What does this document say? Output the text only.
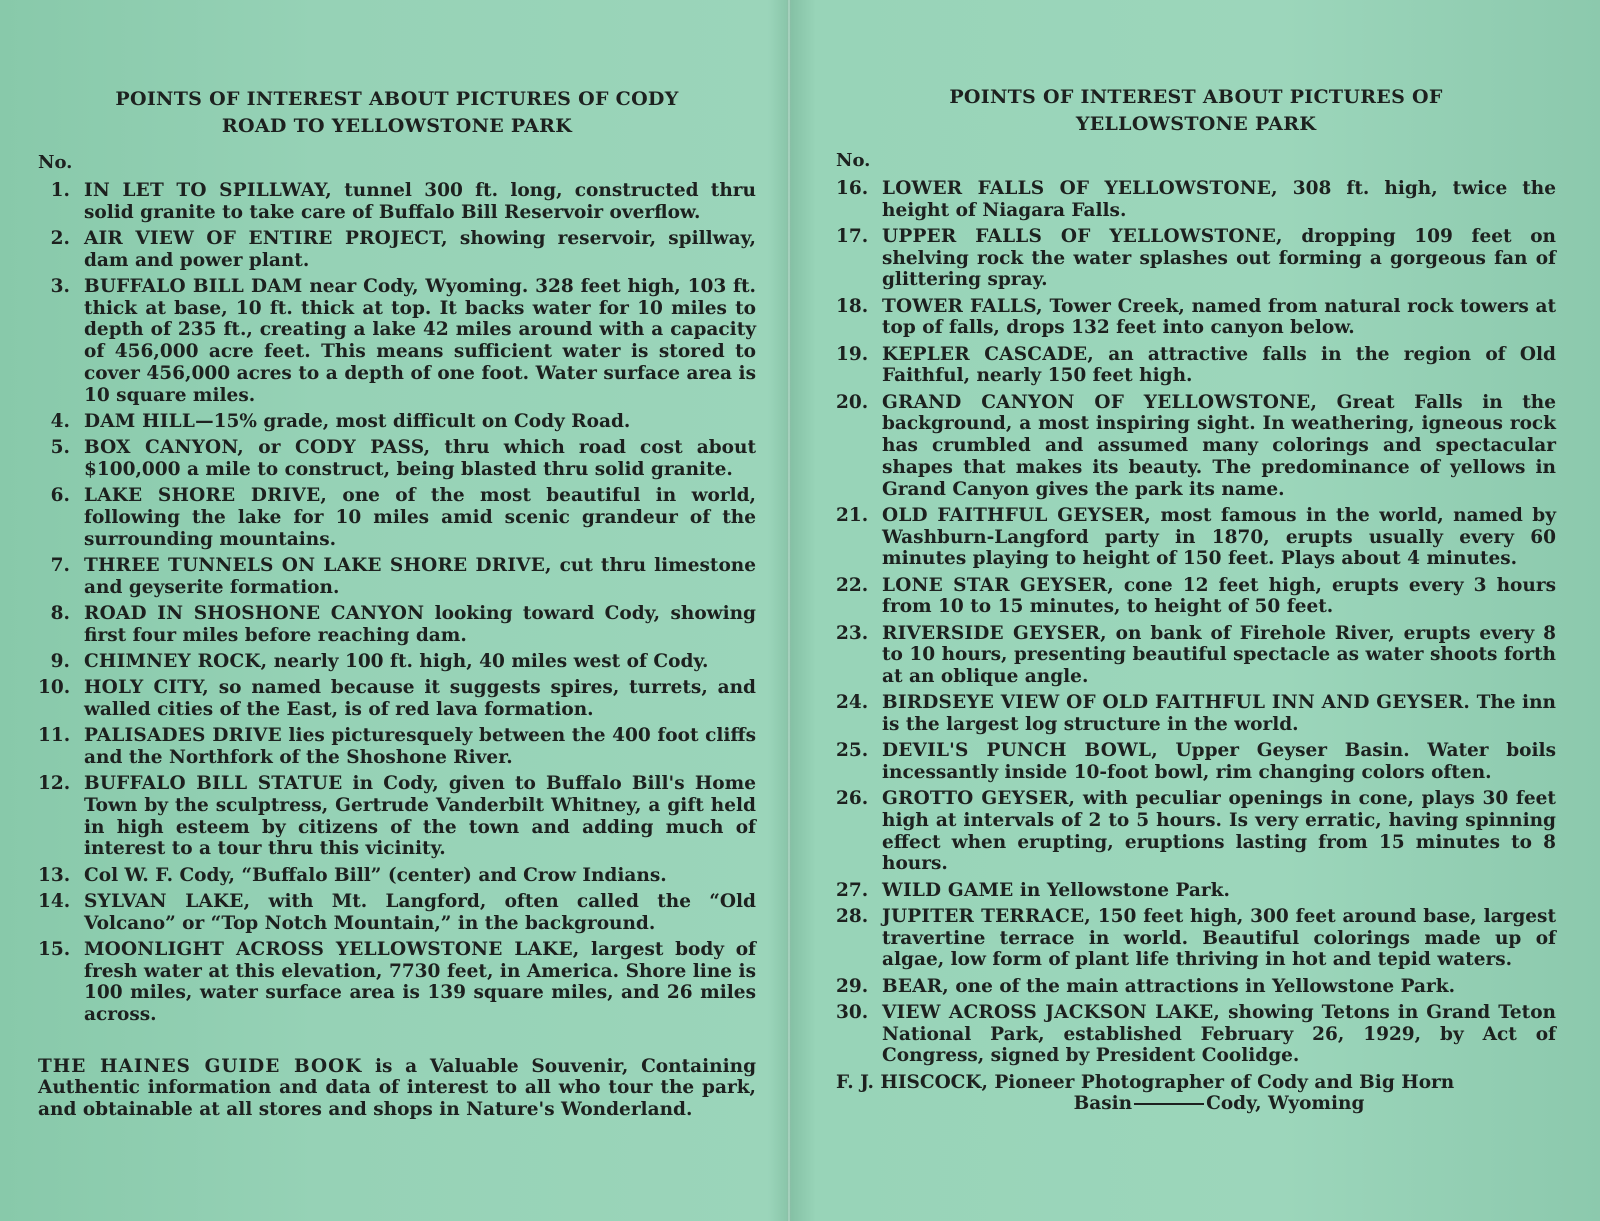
POINTS OF INTEREST ABOUT PICTURES OF CODY
ROAD TO YELLOWSTONE PARK
No.
1. IN LET TO SPILLWAY, tunnel 300 ft. long, constructed thru solid granite to take care of Buffalo Bill Reservoir overflow.
2. AIR VIEW OF ENTIRE PROJECT, showing reservoir, spillway, dam and power plant.
3. BUFFALO BILL DAM near Cody, Wyoming. 328 feet high, 103 ft. thick at base, 10 ft. thick at top. It backs water for 10 miles to depth of 235 ft., creating a lake 42 miles around with a capacity of 456,000 acre feet. This means sufficient water is stored to cover 456,000 acres to a depth of one foot. Water surface area is 10 square miles.
4. DAM HILL—15% grade, most difficult on Cody Road.
5. BOX CANYON, or CODY PASS, thru which road cost about $100,000 a mile to construct, being blasted thru solid granite.
6. LAKE SHORE DRIVE, one of the most beautiful in world, following the lake for 10 miles amid scenic grandeur of the surrounding mountains.
7. THREE TUNNELS ON LAKE SHORE DRIVE, cut thru limestone and geyserite formation.
8. ROAD IN SHOSHONE CANYON looking toward Cody, showing first four miles before reaching dam.
9. CHIMNEY ROCK, nearly 100 ft. high, 40 miles west of Cody.
10. HOLY CITY, so named because it suggests spires, turrets, and walled cities of the East, is of red lava formation.
11. PALISADES DRIVE lies picturesquely between the 400 foot cliffs and the Northfork of the Shoshone River.
12. BUFFALO BILL STATUE in Cody, given to Buffalo Bill's Home Town by the sculptress, Gertrude Vanderbilt Whitney, a gift held in high esteem by citizens of the town and adding much of interest to a tour thru this vicinity.
13. Col W. F. Cody, “Buffalo Bill” (center) and Crow Indians.
14. SYLVAN LAKE, with Mt. Langford, often called the “Old Volcano” or “Top Notch Mountain,” in the background.
15. MOONLIGHT ACROSS YELLOWSTONE LAKE, largest body of fresh water at this elevation, 7730 feet, in America. Shore line is 100 miles, water surface area is 139 square miles, and 26 miles across.
THE HAINES GUIDE BOOK is a Valuable Souvenir, Containing Authentic information and data of interest to all who tour the park, and obtainable at all stores and shops in Nature's Wonderland.
POINTS OF INTEREST ABOUT PICTURES OF
YELLOWSTONE PARK
No.
16. LOWER FALLS OF YELLOWSTONE, 308 ft. high, twice the height of Niagara Falls.
17. UPPER FALLS OF YELLOWSTONE, dropping 109 feet on shelving rock the water splashes out forming a gorgeous fan of glittering spray.
18. TOWER FALLS, Tower Creek, named from natural rock towers at top of falls, drops 132 feet into canyon below.
19. KEPLER CASCADE, an attractive falls in the region of Old Faithful, nearly 150 feet high.
20. GRAND CANYON OF YELLOWSTONE, Great Falls in the background, a most inspiring sight. In weathering, igneous rock has crumbled and assumed many colorings and spectacular shapes that makes its beauty. The predominance of yellows in Grand Canyon gives the park its name.
21. OLD FAITHFUL GEYSER, most famous in the world, named by Washburn-Langford party in 1870, erupts usually every 60 minutes playing to height of 150 feet. Plays about 4 minutes.
22. LONE STAR GEYSER, cone 12 feet high, erupts every 3 hours from 10 to 15 minutes, to height of 50 feet.
23. RIVERSIDE GEYSER, on bank of Firehole River, erupts every 8 to 10 hours, presenting beautiful spectacle as water shoots forth at an oblique angle.
24. BIRDSEYE VIEW OF OLD FAITHFUL INN AND GEYSER. The inn is the largest log structure in the world.
25. DEVIL'S PUNCH BOWL, Upper Geyser Basin. Water boils incessantly inside 10-foot bowl, rim changing colors often.
26. GROTTO GEYSER, with peculiar openings in cone, plays 30 feet high at intervals of 2 to 5 hours. Is very erratic, having spinning effect when erupting, eruptions lasting from 15 minutes to 8 hours.
27. WILD GAME in Yellowstone Park.
28. JUPITER TERRACE, 150 feet high, 300 feet around base, largest travertine terrace in world. Beautiful colorings made up of algae, low form of plant life thriving in hot and tepid waters.
29. BEAR, one of the main attractions in Yellowstone Park.
30. VIEW ACROSS JACKSON LAKE, showing Tetons in Grand Teton National Park, established February 26, 1929, by Act of Congress, signed by President Coolidge.
F. J. HISCOCK, Pioneer Photographer of Cody and Big Horn
Basin	Cody, Wyoming
